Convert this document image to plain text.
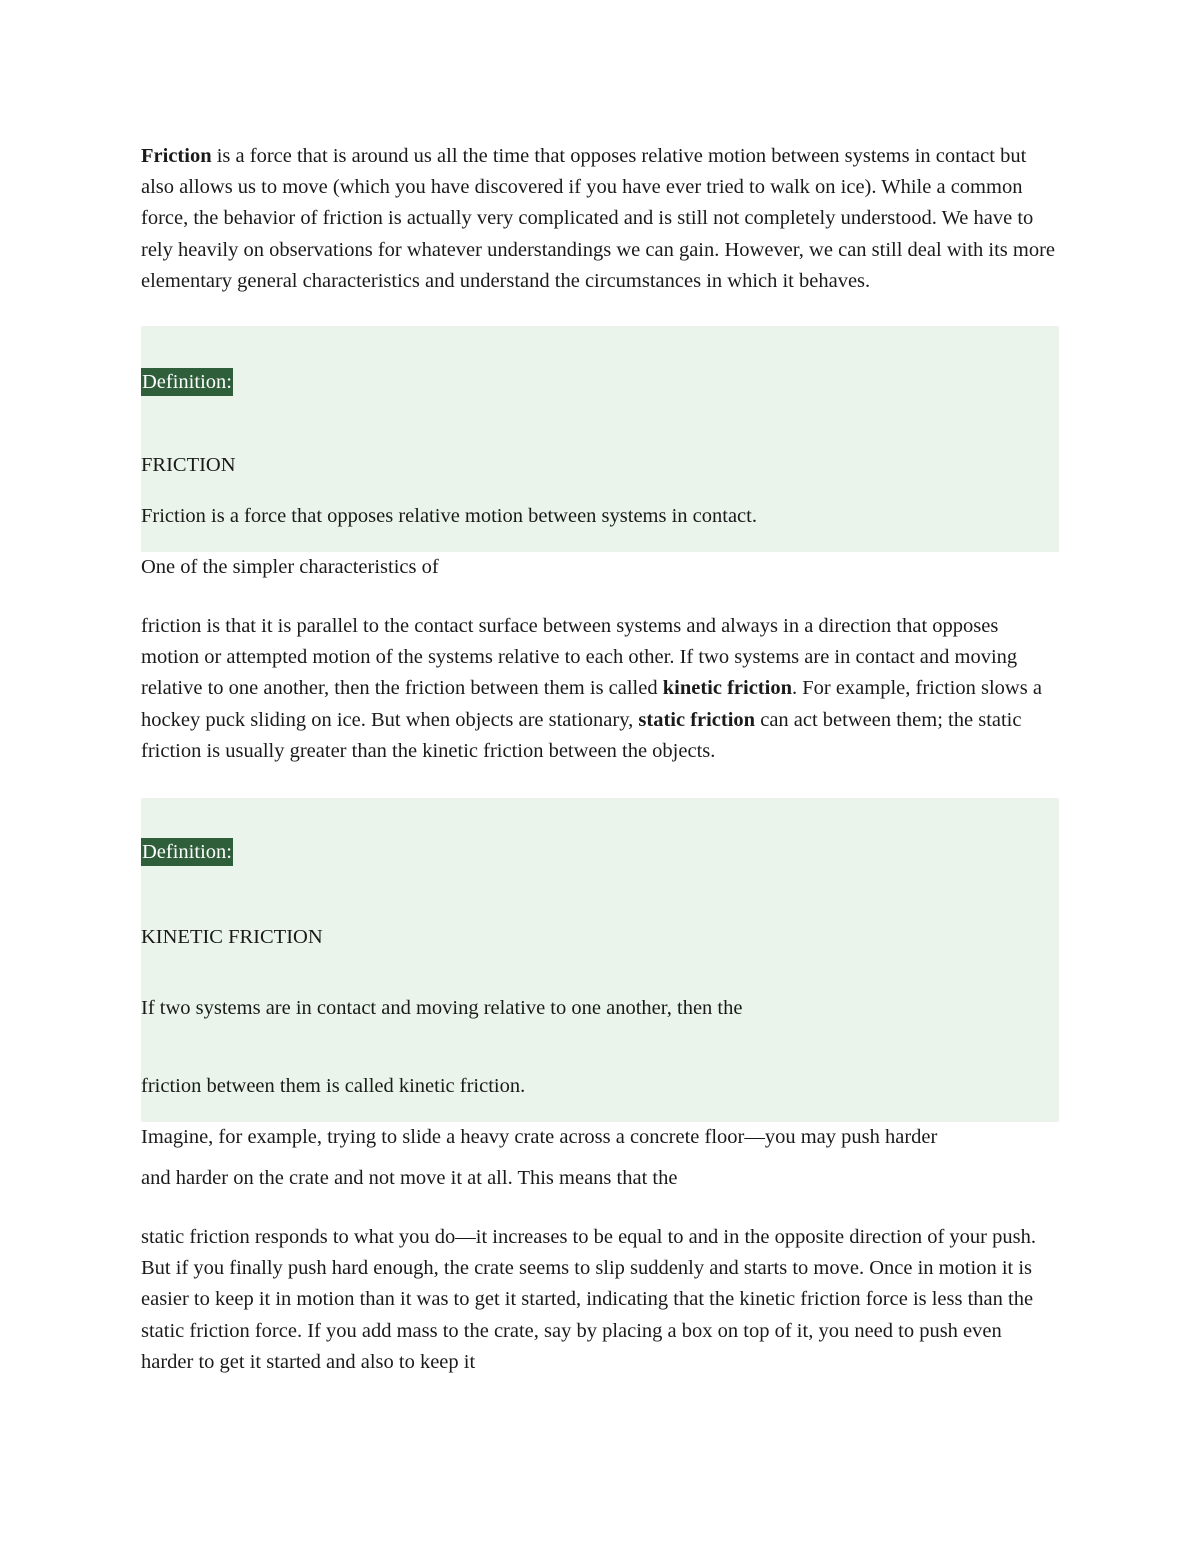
Friction is a force that is around us all the time that opposes relative motion between systems in contact but also allows us to move (which you have discovered if you have ever tried to walk on ice). While a common force, the behavior of friction is actually very complicated and is still not completely understood. We have to rely heavily on observations for whatever understandings we can gain. However, we can still deal with its more elementary general characteristics and understand the circumstances in which it behaves.

Definition:
FRICTION
Friction is a force that opposes relative motion between systems in contact.
One of the simpler characteristics of

friction is that it is parallel to the contact surface between systems and always in a direction that opposes motion or attempted motion of the systems relative to each other. If two systems are in contact and moving relative to one another, then the friction between them is called kinetic friction. For example, friction slows a hockey puck sliding on ice. But when objects are stationary, static friction can act between them; the static friction is usually greater than the kinetic friction between the objects.

Definition:
KINETIC FRICTION
If two systems are in contact and moving relative to one another, then the
friction between them is called kinetic friction.
Imagine, for example, trying to slide a heavy crate across a concrete floor—you may push harder
and harder on the crate and not move it at all. This means that the

static friction responds to what you do—it increases to be equal to and in the opposite direction of your push. But if you finally push hard enough, the crate seems to slip suddenly and starts to move. Once in motion it is easier to keep it in motion than it was to get it started, indicating that the kinetic friction force is less than the static friction force. If you add mass to the crate, say by placing a box on top of it, you need to push even harder to get it started and also to keep it
